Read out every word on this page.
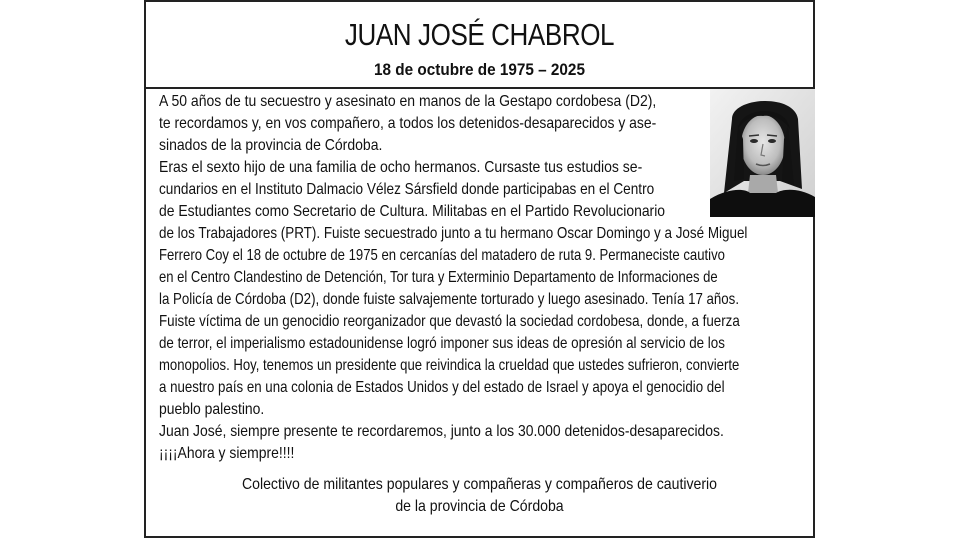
JUAN JOSÉ CHABROL
18 de octubre de 1975 – 2025
A 50 años de tu secuestro y asesinato en manos de la Gestapo cordobesa (D2),
te recordamos y, en vos compañero, a todos los detenidos-desaparecidos y ase-
sinados de la provincia de Córdoba.
Eras el sexto hijo de una familia de ocho hermanos. Cursaste tus estudios se-
cundarios en el Instituto Dalmacio Vélez Sársfield donde participabas en el Centro
de Estudiantes como Secretario de Cultura. Militabas en el Partido Revolucionario
de los Trabajadores (PRT). Fuiste secuestrado junto a tu hermano Oscar Domingo y a José Miguel
Ferrero Coy el 18 de octubre de 1975 en cercanías del matadero de ruta 9. Permaneciste cautivo
en el Centro Clandestino de Detención, Tor tura y Exterminio Departamento de Informaciones de
la Policía de Córdoba (D2), donde fuiste salvajemente torturado y luego asesinado. Tenía 17 años.
Fuiste víctima de un genocidio reorganizador que devastó la sociedad cordobesa, donde, a fuerza
de terror, el imperialismo estadounidense logró imponer sus ideas de opresión al servicio de los
monopolios. Hoy, tenemos un presidente que reivindica la crueldad que ustedes sufrieron, convierte
a nuestro país en una colonia de Estados Unidos y del estado de Israel y apoya el genocidio del
pueblo palestino.
Juan José, siempre presente te recordaremos, junto a los 30.000 detenidos-desaparecidos.
¡¡¡¡Ahora y siempre!!!!
Colectivo de militantes populares y compañeras y compañeros de cautiverio
de la provincia de Córdoba
